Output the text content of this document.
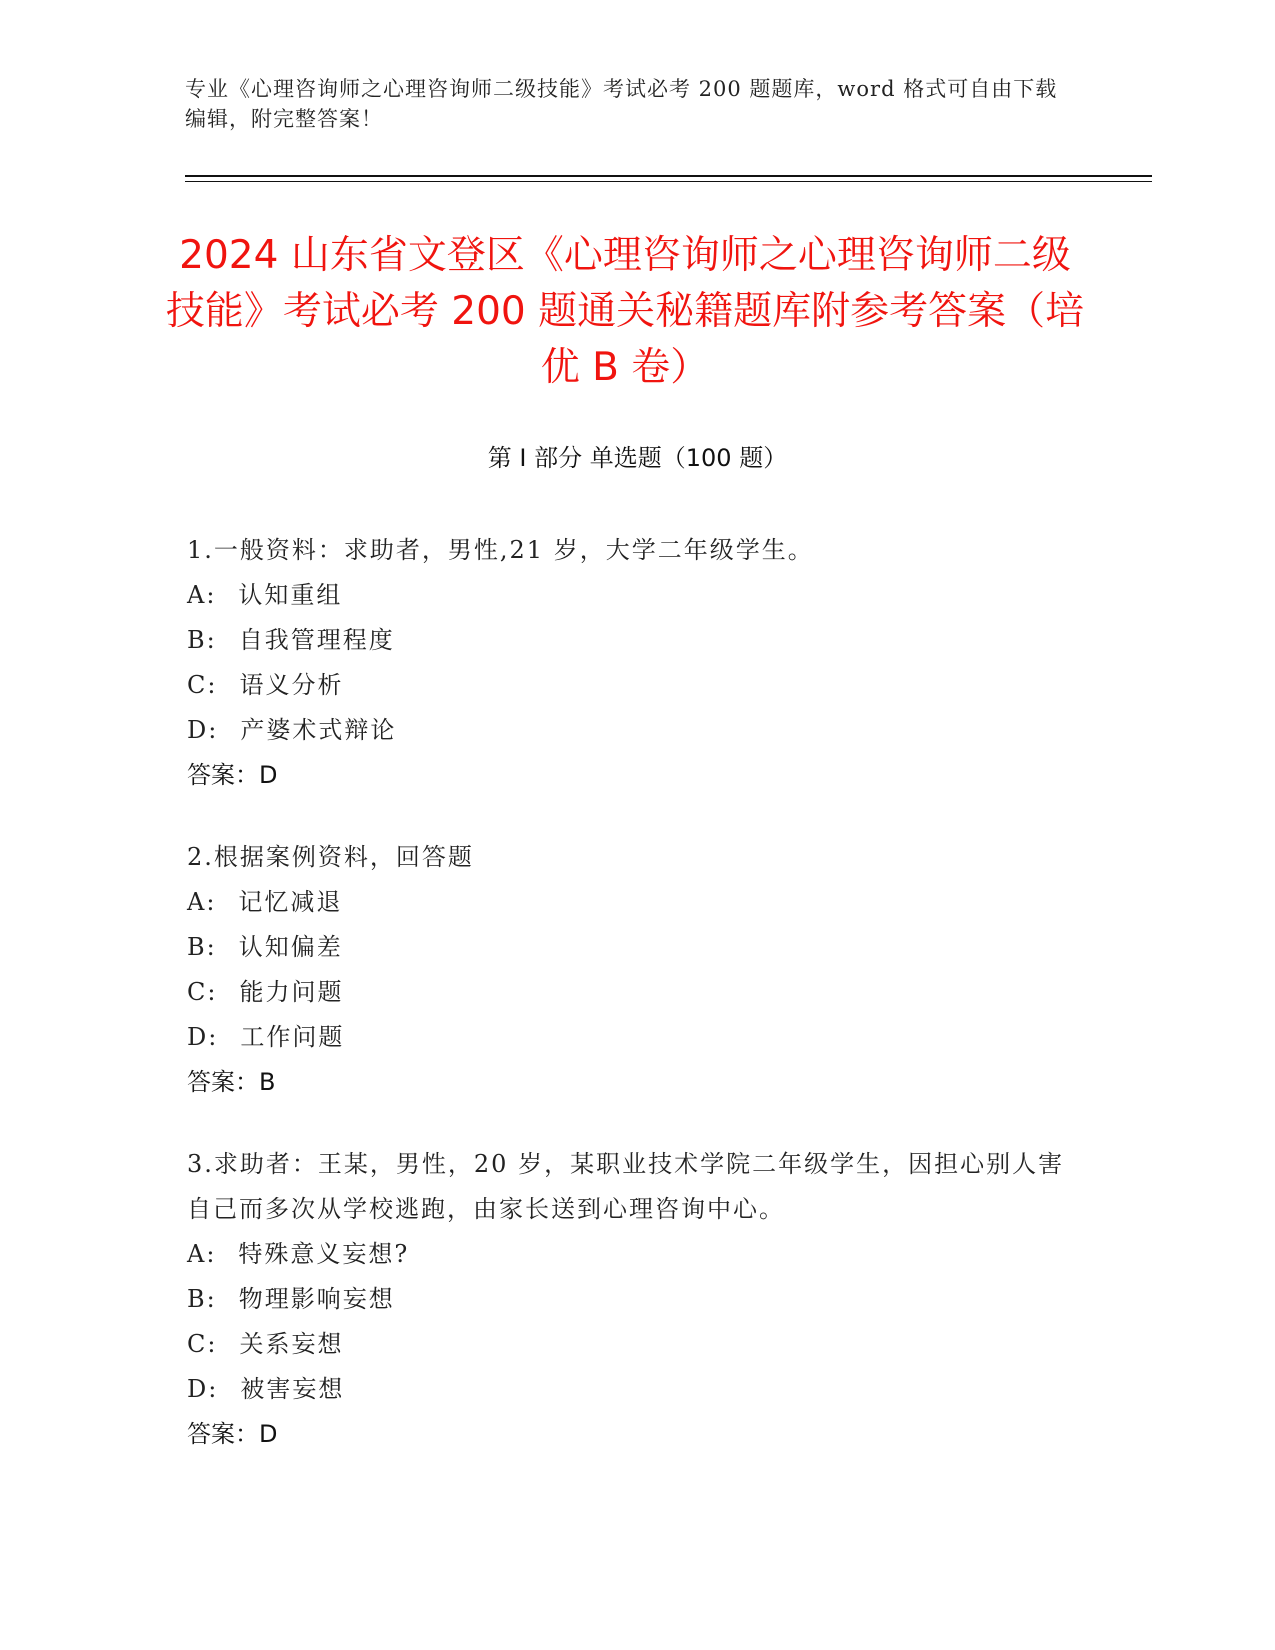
专业《心理咨询师之心理咨询师二级技能》考试必考 200 题题库，word 格式可自由下载编辑，附完整答案！
2024 山东省文登区《心理咨询师之心理咨询师二级技能》考试必考 200 题通关秘籍题库附参考答案（培优 B 卷）
第 I 部分 单选题（100 题）
1.一般资料：求助者，男性,21 岁，大学二年级学生。
A: 认知重组
B: 自我管理程度
C: 语义分析
D: 产婆术式辩论
答案：D
2.根据案例资料，回答题
A: 记忆减退
B: 认知偏差
C: 能力问题
D: 工作问题
答案：B
3.求助者：王某，男性，20 岁，某职业技术学院二年级学生，因担心别人害自己而多次从学校逃跑，由家长送到心理咨询中心。
A: 特殊意义妄想?
B: 物理影响妄想
C: 关系妄想
D: 被害妄想
答案：D
